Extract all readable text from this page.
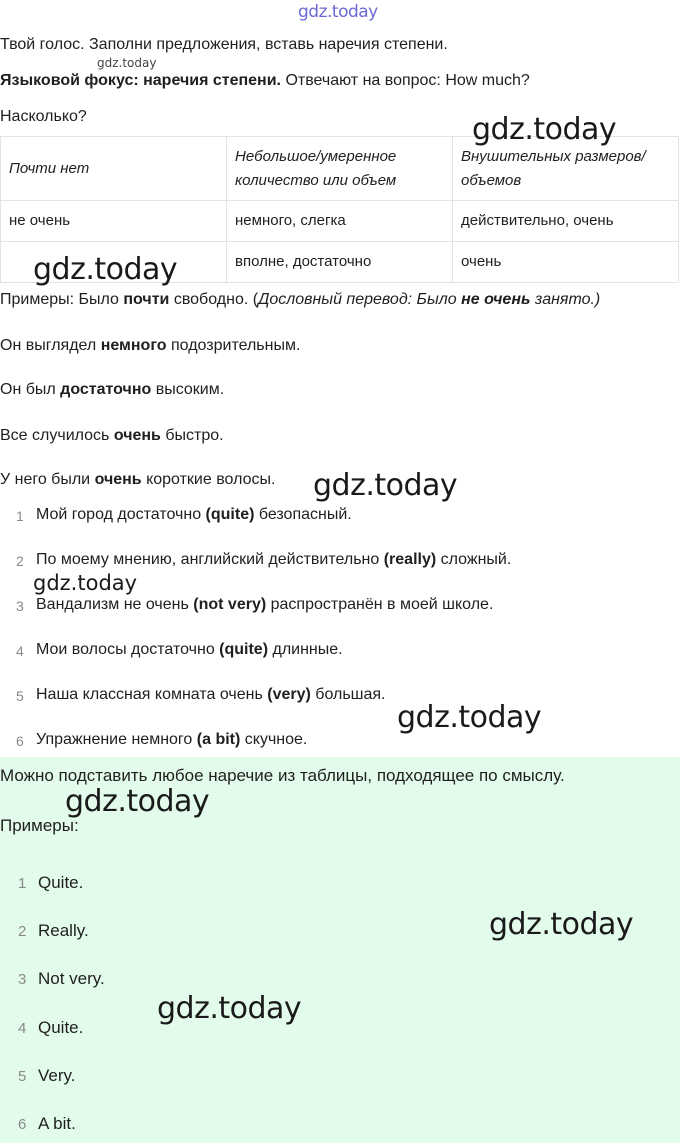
gdz.today
Твой голос. Заполни предложения, вставь наречия степени.
Языковой фокус: наречия степени. Отвечают на вопрос: How much?
Насколько?
Почти нет	Небольшое/умеренное количество или объем	Внушительных размеров/ объемов
не очень	немного, слегка	действительно, очень
	вполне, достаточно	очень
Примеры: Было почти свободно. (Дословный перевод: Было не очень занято.)
Он выглядел немного подозрительным.
Он был достаточно высоким.
Все случилось очень быстро.
У него были очень короткие волосы.
1 Мой город достаточно (quite) безопасный.
2 По моему мнению, английский действительно (really) сложный.
3 Вандализм не очень (not very) распространён в моей школе.
4 Мои волосы достаточно (quite) длинные.
5 Наша классная комната очень (very) большая.
6 Упражнение немного (a bit) скучное.
Можно подставить любое наречие из таблицы, подходящее по смыслу.
Примеры:
1 Quite.
2 Really.
3 Not very.
4 Quite.
5 Very.
6 A bit.
gdz.today
gdz.today
gdz.today
gdz.today
gdz.today
gdz.today
gdz.today
gdz.today
gdz.today
